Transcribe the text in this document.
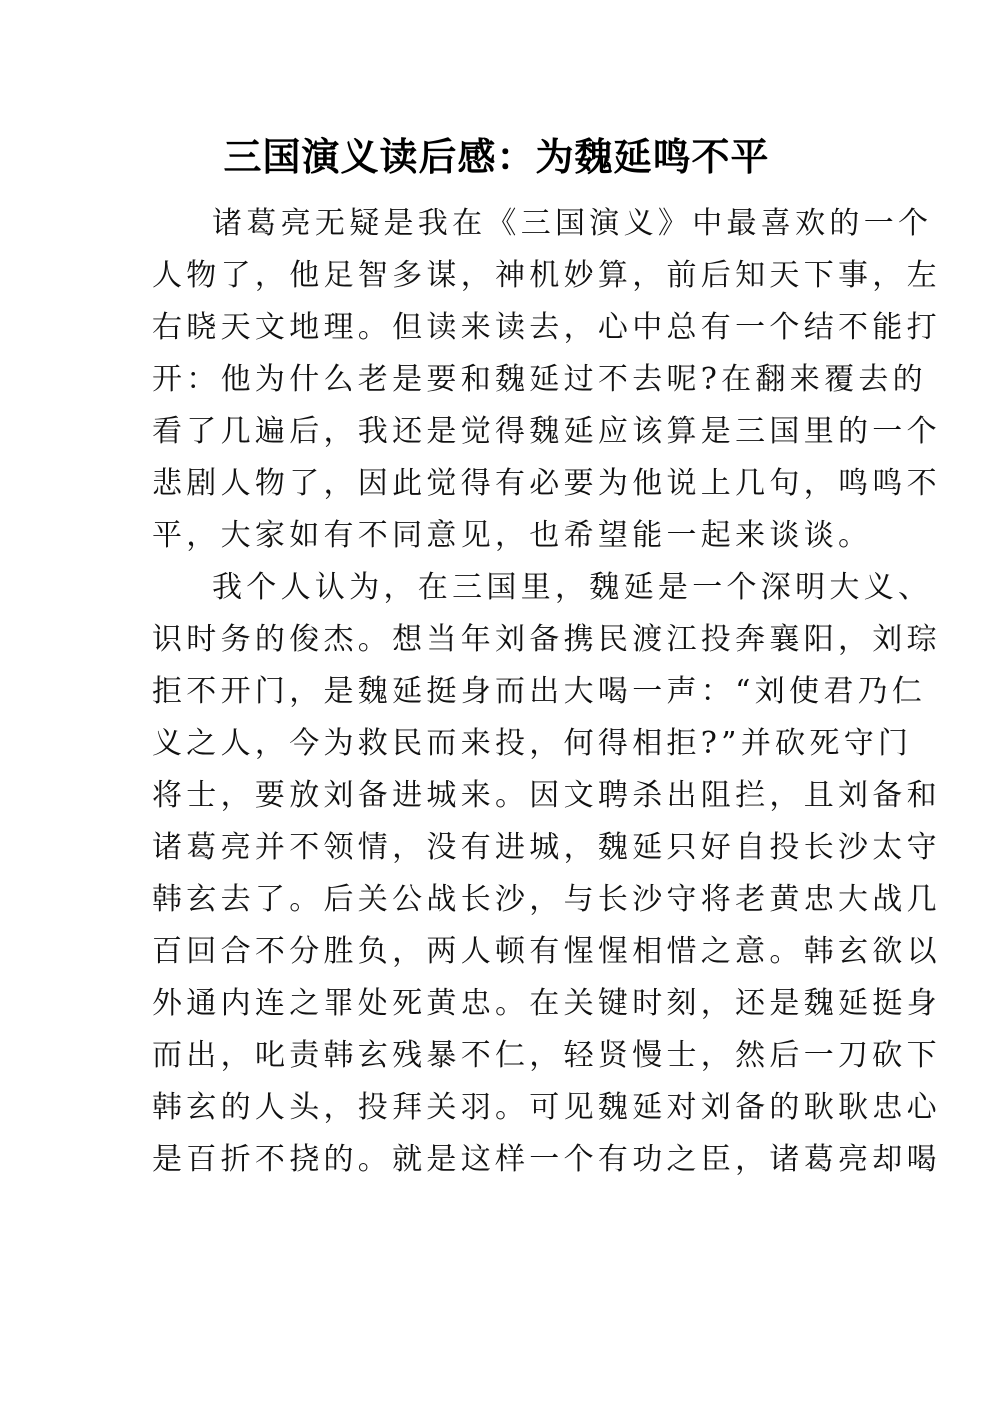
三国演义读后感：为魏延鸣不平
诸葛亮无疑是我在《三国演义》中最喜欢的一个
人物了，他足智多谋，神机妙算，前后知天下事，左
右晓天文地理。但读来读去，心中总有一个结不能打
开：他为什么老是要和魏延过不去呢?在翻来覆去的
看了几遍后，我还是觉得魏延应该算是三国里的一个
悲剧人物了，因此觉得有必要为他说上几句，鸣鸣不
平，大家如有不同意见，也希望能一起来谈谈。
我个人认为，在三国里，魏延是一个深明大义、
识时务的俊杰。想当年刘备携民渡江投奔襄阳，刘琮
拒不开门，是魏延挺身而出大喝一声：“刘使君乃仁
义之人，今为救民而来投，何得相拒?”并砍死守门
将士，要放刘备进城来。因文聘杀出阻拦，且刘备和
诸葛亮并不领情，没有进城，魏延只好自投长沙太守
韩玄去了。后关公战长沙，与长沙守将老黄忠大战几
百回合不分胜负，两人顿有惺惺相惜之意。韩玄欲以
外通内连之罪处死黄忠。在关键时刻，还是魏延挺身
而出，叱责韩玄残暴不仁，轻贤慢士，然后一刀砍下
韩玄的人头，投拜关羽。可见魏延对刘备的耿耿忠心
是百折不挠的。就是这样一个有功之臣，诸葛亮却喝
